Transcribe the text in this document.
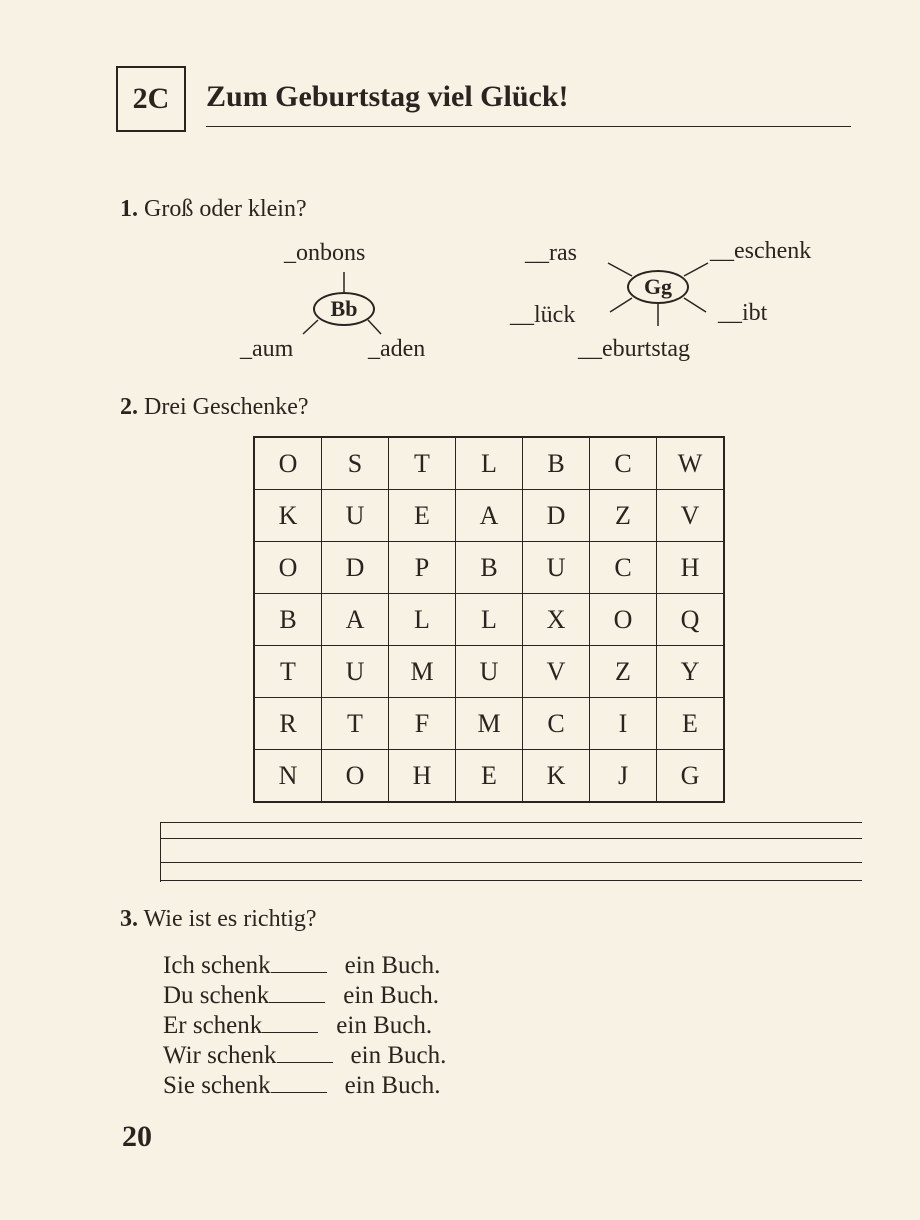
2C Zum Geburtstag viel Glück!
1. Groß oder klein?
Bb
_onbons
_aum	_aden
Gg
__ras	__eschenk
__lück	__ibt
__eburtstag
2. Drei Geschenke?
O	S	T	L	B	C	W
K	U	E	A	D	Z	V
O	D	P	B	U	C	H
B	A	L	L	X	O	Q
T	U	M	U	V	Z	Y
R	T	F	M	C	I	E
N	O	H	E	K	J	G
3. Wie ist es richtig?
Ich schenk	ein Buch.
Du schenk	ein Buch.
Er schenk	ein Buch.
Wir schenk	ein Buch.
Sie schenk	ein Buch.
20
